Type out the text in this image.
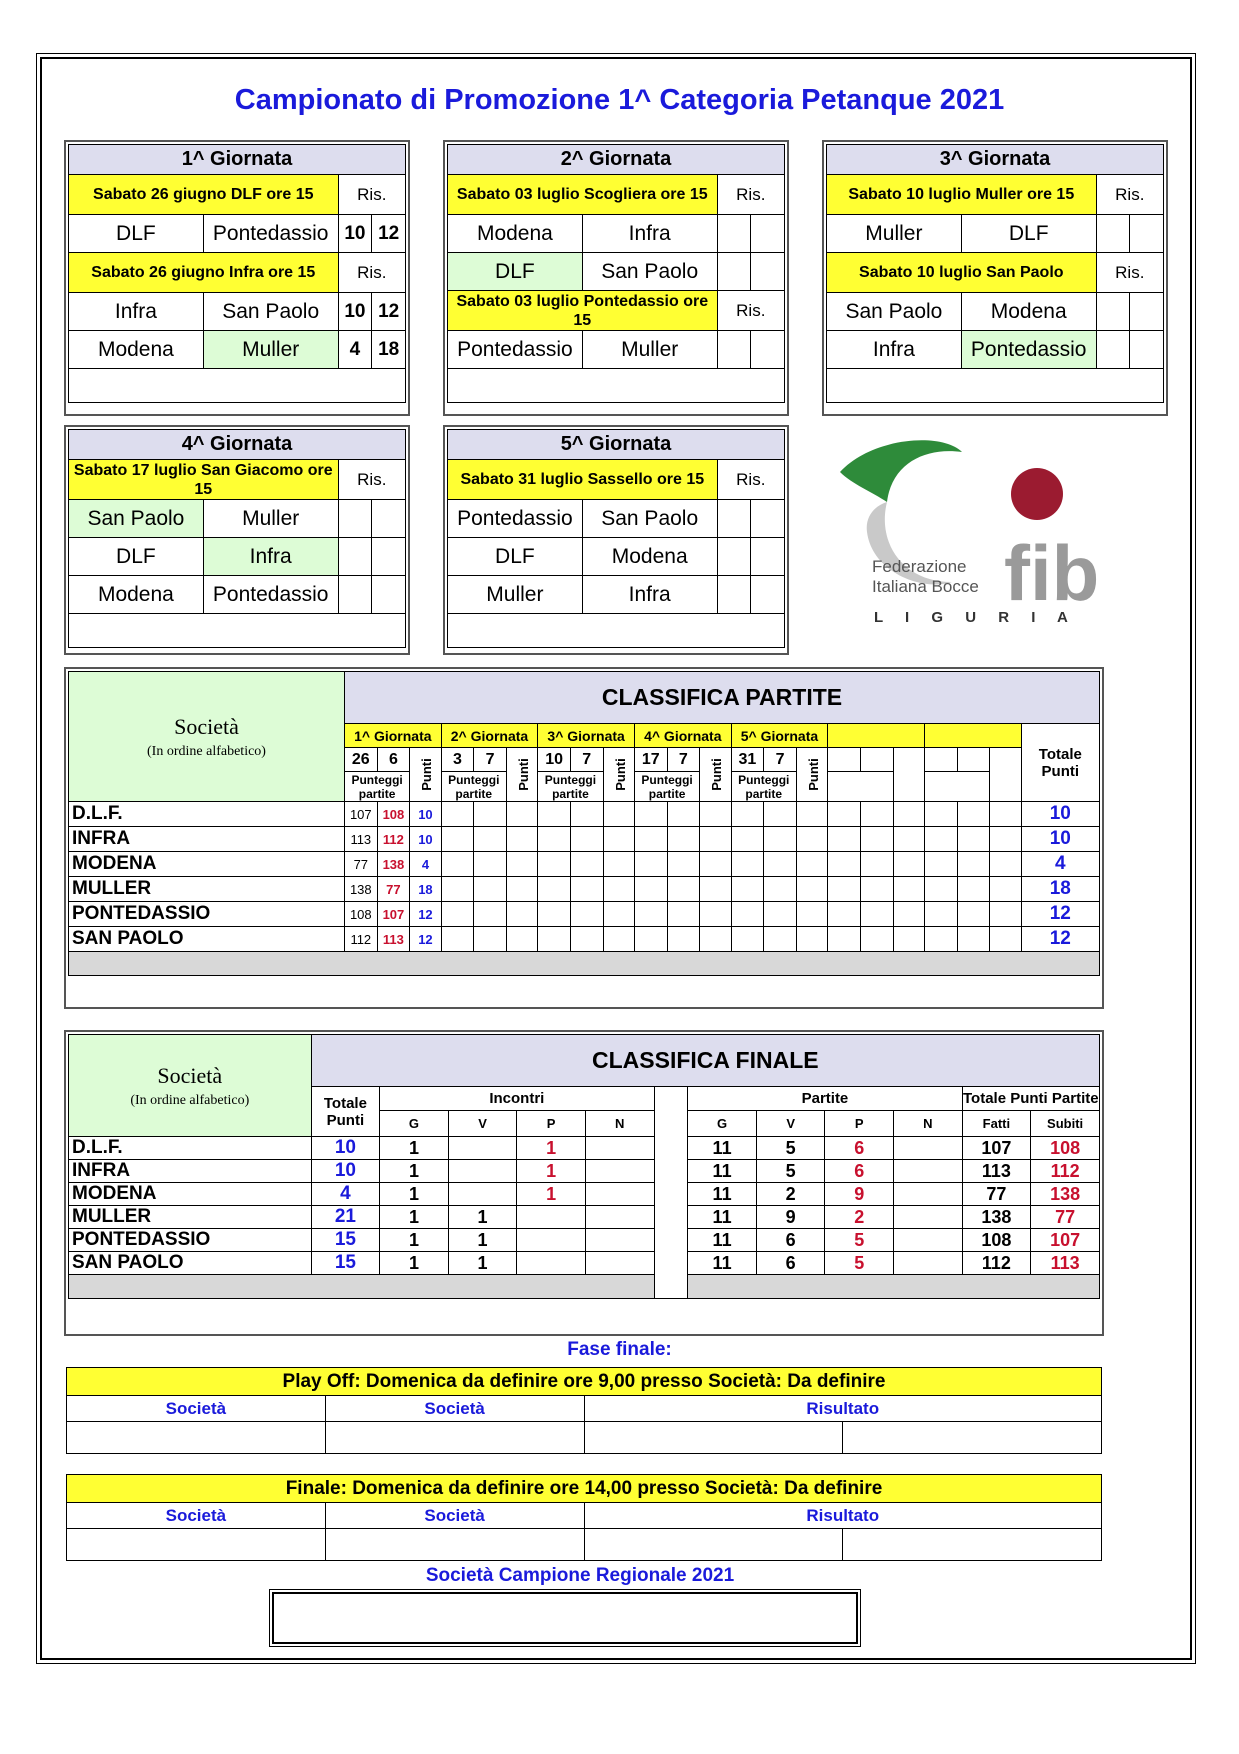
Campionato di Promozione 1^ Categoria Petanque 2021
1^ Giornata			
Sabato 26 giugno DLF ore 15		Ris.	
DLF	Pontedassio	10	12
Sabato 26 giugno Infra ore 15		Ris.	
Infra	San Paolo	10	12
Modena	Muller	4	18

2^ Giornata			
Sabato 03 luglio Scogliera ore 15		Ris.	
Modena	Infra		
DLF	San Paolo		
Sabato 03 luglio Pontedassio ore 15		Ris.	
Pontedassio	Muller		

3^ Giornata			
Sabato 10 luglio Muller ore 15		Ris.	
Muller	DLF		
Sabato 10 luglio San Paolo		Ris.	
San Paolo	Modena		
Infra	Pontedassio		

4^ Giornata			
Sabato 17 luglio San Giacomo ore 15		Ris.	
San Paolo	Muller		
DLF	Infra		
Modena	Pontedassio		

5^ Giornata			
Sabato 31 luglio Sassello ore 15		Ris.	
Pontedassio	San Paolo		
DLF	Modena		
Muller	Infra			fib
Federazione
Italiana Bocce
L I G U R I A
Società
(In ordine alfabetico)	CLASSIFICA PARTITE																					
	1^ Giornata			2^ Giornata			3^ Giornata			4^ Giornata			5^ Giornata									Totale Punti
	26	6	Punti	3	7	Punti	10	7	Punti	17	7	Punti	31	7	Punti							
	Punteggi partite			Punteggi partite			Punteggi partite			Punteggi partite			Punteggi partite									
D.L.F.	107	108	10																			10
INFRA	113	112	10																			10
MODENA	77	138	4																			4
MULLER	138	77	18																			18
PONTEDASSIO	108	107	12																			12
SAN PAOLO	112	113	12																			12

Società
(In ordine alfabetico)	CLASSIFICA FINALE											
	Totale Punti	Incontri					Partite				Totale Punti Partite	
		G	V	P	N		G	V	P	N		
											Fatti	Subiti
D.L.F.	10	1		1			11	5	6		107	108
INFRA	10	1		1			11	5	6		113	112
MODENA	4	1		1			11	2	9		77	138
MULLER	21	1	1				11	9	2		138	77
PONTEDASSIO	15	1	1				11	6	5		108	107
SAN PAOLO	15	1	1				11	6	5		112	113

Fase finale:
Play Off: Domenica da definire ore 9,00 presso Società: Da definire			
Società	Società	Risultato	

Finale: Domenica da definire ore 14,00 presso Società: Da definire			
Società	Società	Risultato	

Società Campione Regionale 2021
